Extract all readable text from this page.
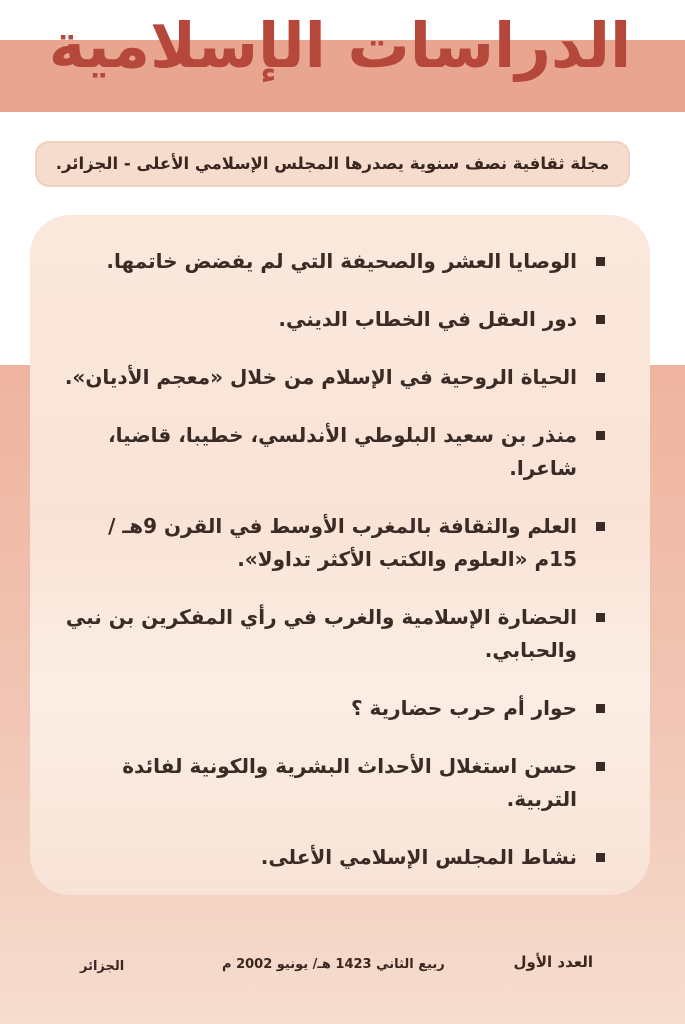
الدراسات الإسلامية

مجلة ثقافية نصف سنوية يصدرها المجلس الإسلامي الأعلى - الجزائر.

الوصايا العشر والصحيفة التي لم يفضض خاتمها.
دور العقل في الخطاب الديني.
الحياة الروحية في الإسلام من خلال «معجم الأديان».
منذر بن سعيد البلوطي الأندلسي، خطيبا، قاضيا، شاعرا.
العلم والثقافة بالمغرب الأوسط في القرن 9هـ / 15م «العلوم والكتب الأكثر تداولا».
الحضارة الإسلامية والغرب في رأي المفكرين بن نبي والحبابي.
حوار أم حرب حضارية ؟
حسن استغلال الأحداث البشرية والكونية لفائدة التربية.
نشاط المجلس الإسلامي الأعلى.

العدد الأول

ربيع الثاني 1423 هـ/ يونيو 2002 م

الجزائر
